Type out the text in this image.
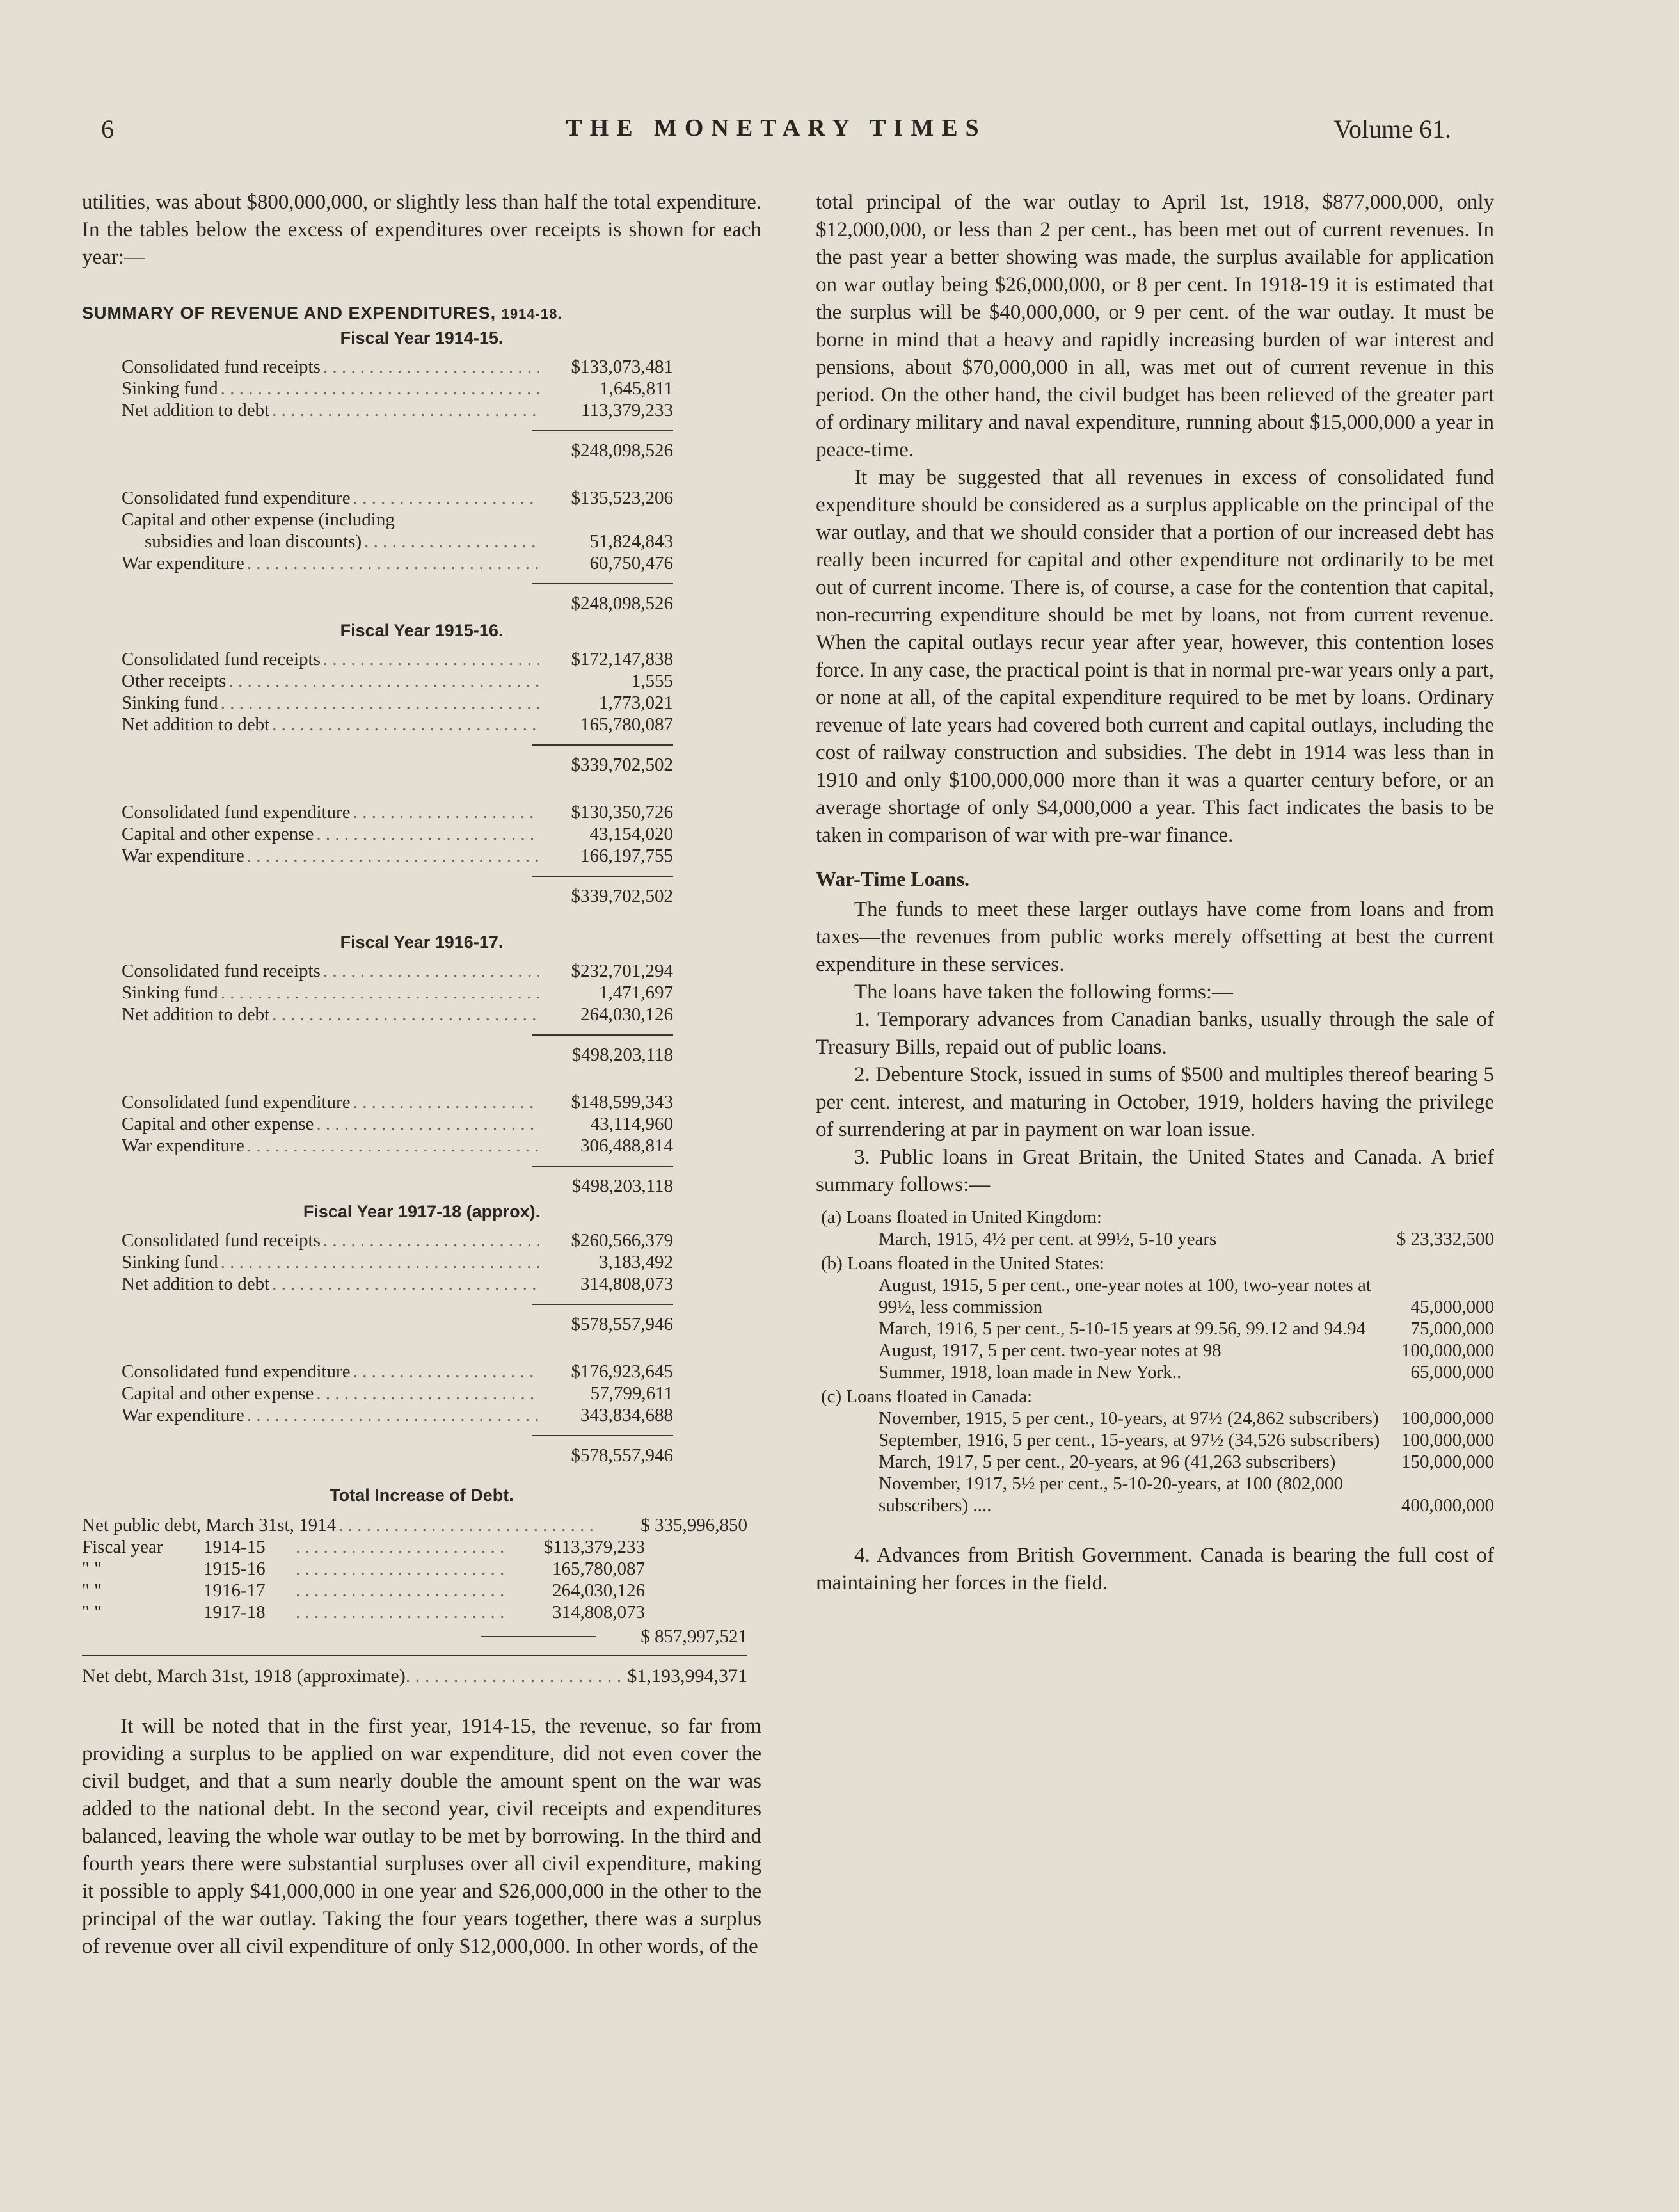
6	THE MONETARY TIMES	Volume 61.

utilities, was about $800,000,000, or slightly less than half the total expenditure. In the tables below the excess of expenditures over receipts is shown for each year:—

SUMMARY OF REVENUE AND EXPENDITURES, 1914-18.
Fiscal Year 1914-15.
Consolidated fund receipts . . .	$133,073,481
Sinking fund . . .	1,645,811
Net addition to debt . . .	113,379,233
$248,098,526
Consolidated fund expenditure . . .	$135,523,206
Capital and other expense (including
subsidies and loan discounts) . . .	51,824,843
War expenditure . . .	60,750,476
$248,098,526
Fiscal Year 1915-16.
Consolidated fund receipts . . .	$172,147,838
Other receipts . . .	1,555
Sinking fund . . .	1,773,021
Net addition to debt . . .	165,780,087
$339,702,502
Consolidated fund expenditure . . .	$130,350,726
Capital and other expense . . .	43,154,020
War expenditure . . .	166,197,755
$339,702,502
Fiscal Year 1916-17.
Consolidated fund receipts . . .	$232,701,294
Sinking fund . . .	1,471,697
Net addition to debt . . .	264,030,126
$498,203,118
Consolidated fund expenditure . . .	$148,599,343
Capital and other expense . . .	43,114,960
War expenditure . . .	306,488,814
$498,203,118
Fiscal Year 1917-18 (approx).
Consolidated fund receipts . . .	$260,566,379
Sinking fund . . .	3,183,492
Net addition to debt . . .	314,808,073
$578,557,946
Consolidated fund expenditure . . .	$176,923,645
Capital and other expense . . .	57,799,611
War expenditure . . .	343,834,688
$578,557,946
Total Increase of Debt.
Net public debt, March 31st, 1914 . . .	$ 335,996,850
Fiscal year	1914-15 . . .	$113,379,233
" "	1915-16 . . .	165,780,087
" "	1916-17 . . .	264,030,126
" "	1917-18 . . .	314,808,073
$ 857,997,521
Net debt, March 31st, 1918 (approximate) . . .	$1,193,994,371

It will be noted that in the first year, 1914-15, the revenue, so far from providing a surplus to be applied on war expenditure, did not even cover the civil budget, and that a sum nearly double the amount spent on the war was added to the national debt. In the second year, civil receipts and expenditures balanced, leaving the whole war outlay to be met by borrowing. In the third and fourth years there were substantial surpluses over all civil expenditure, making it possible to apply $41,000,000 in one year and $26,000,000 in the other to the principal of the war outlay. Taking the four years together, there was a surplus of revenue over all civil expenditure of only $12,000,000. In other words, of the

total principal of the war outlay to April 1st, 1918, $877,000,000, only $12,000,000, or less than 2 per cent., has been met out of current revenues. In the past year a better showing was made, the surplus available for application on war outlay being $26,000,000, or 8 per cent. In 1918-19 it is estimated that the surplus will be $40,000,000, or 9 per cent. of the war outlay. It must be borne in mind that a heavy and rapidly increasing burden of war interest and pensions, about $70,000,000 in all, was met out of current revenue in this period. On the other hand, the civil budget has been relieved of the greater part of ordinary military and naval expenditure, running about $15,000,000 a year in peace-time.

It may be suggested that all revenues in excess of consolidated fund expenditure should be considered as a surplus applicable on the principal of the war outlay, and that we should consider that a portion of our increased debt has really been incurred for capital and other expenditure not ordinarily to be met out of current income. There is, of course, a case for the contention that capital, non-recurring expenditure should be met by loans, not from current revenue. When the capital outlays recur year after year, however, this contention loses force. In any case, the practical point is that in normal pre-war years only a part, or none at all, of the capital expenditure required to be met by loans. Ordinary revenue of late years had covered both current and capital outlays, including the cost of railway construction and subsidies. The debt in 1914 was less than in 1910 and only $100,000,000 more than it was a quarter century before, or an average shortage of only $4,000,000 a year. This fact indicates the basis to be taken in comparison of war with pre-war finance.

War-Time Loans.

The funds to meet these larger outlays have come from loans and from taxes—the revenues from public works merely offsetting at best the current expenditure in these services.

The loans have taken the following forms:—

1. Temporary advances from Canadian banks, usually through the sale of Treasury Bills, repaid out of public loans.

2. Debenture Stock, issued in sums of $500 and multiples thereof bearing 5 per cent. interest, and maturing in October, 1919, holders having the privilege of surrendering at par in payment on war loan issue.

3. Public loans in Great Britain, the United States and Canada. A brief summary follows:—

(a) Loans floated in United Kingdom:
March, 1915, 4½ per cent. at 99½, 5-10 years	$ 23,332,500
(b) Loans floated in the United States:
August, 1915, 5 per cent., one-year notes at 100, two-year notes at 99½, less commission	45,000,000
March, 1916, 5 per cent., 5-10-15 years at 99.56, 99.12 and 94.94	75,000,000
August, 1917, 5 per cent. two-year notes at 98	100,000,000
Summer, 1918, loan made in New York..	65,000,000
(c) Loans floated in Canada:
November, 1915, 5 per cent., 10-years, at 97½ (24,862 subscribers)	100,000,000
September, 1916, 5 per cent., 15-years, at 97½ (34,526 subscribers)	100,000,000
March, 1917, 5 per cent., 20-years, at 96 (41,263 subscribers)	150,000,000
November, 1917, 5½ per cent., 5-10-20-years, at 100 (802,000 subscribers) ....	400,000,000

4. Advances from British Government. Canada is bearing the full cost of maintaining her forces in the field.
